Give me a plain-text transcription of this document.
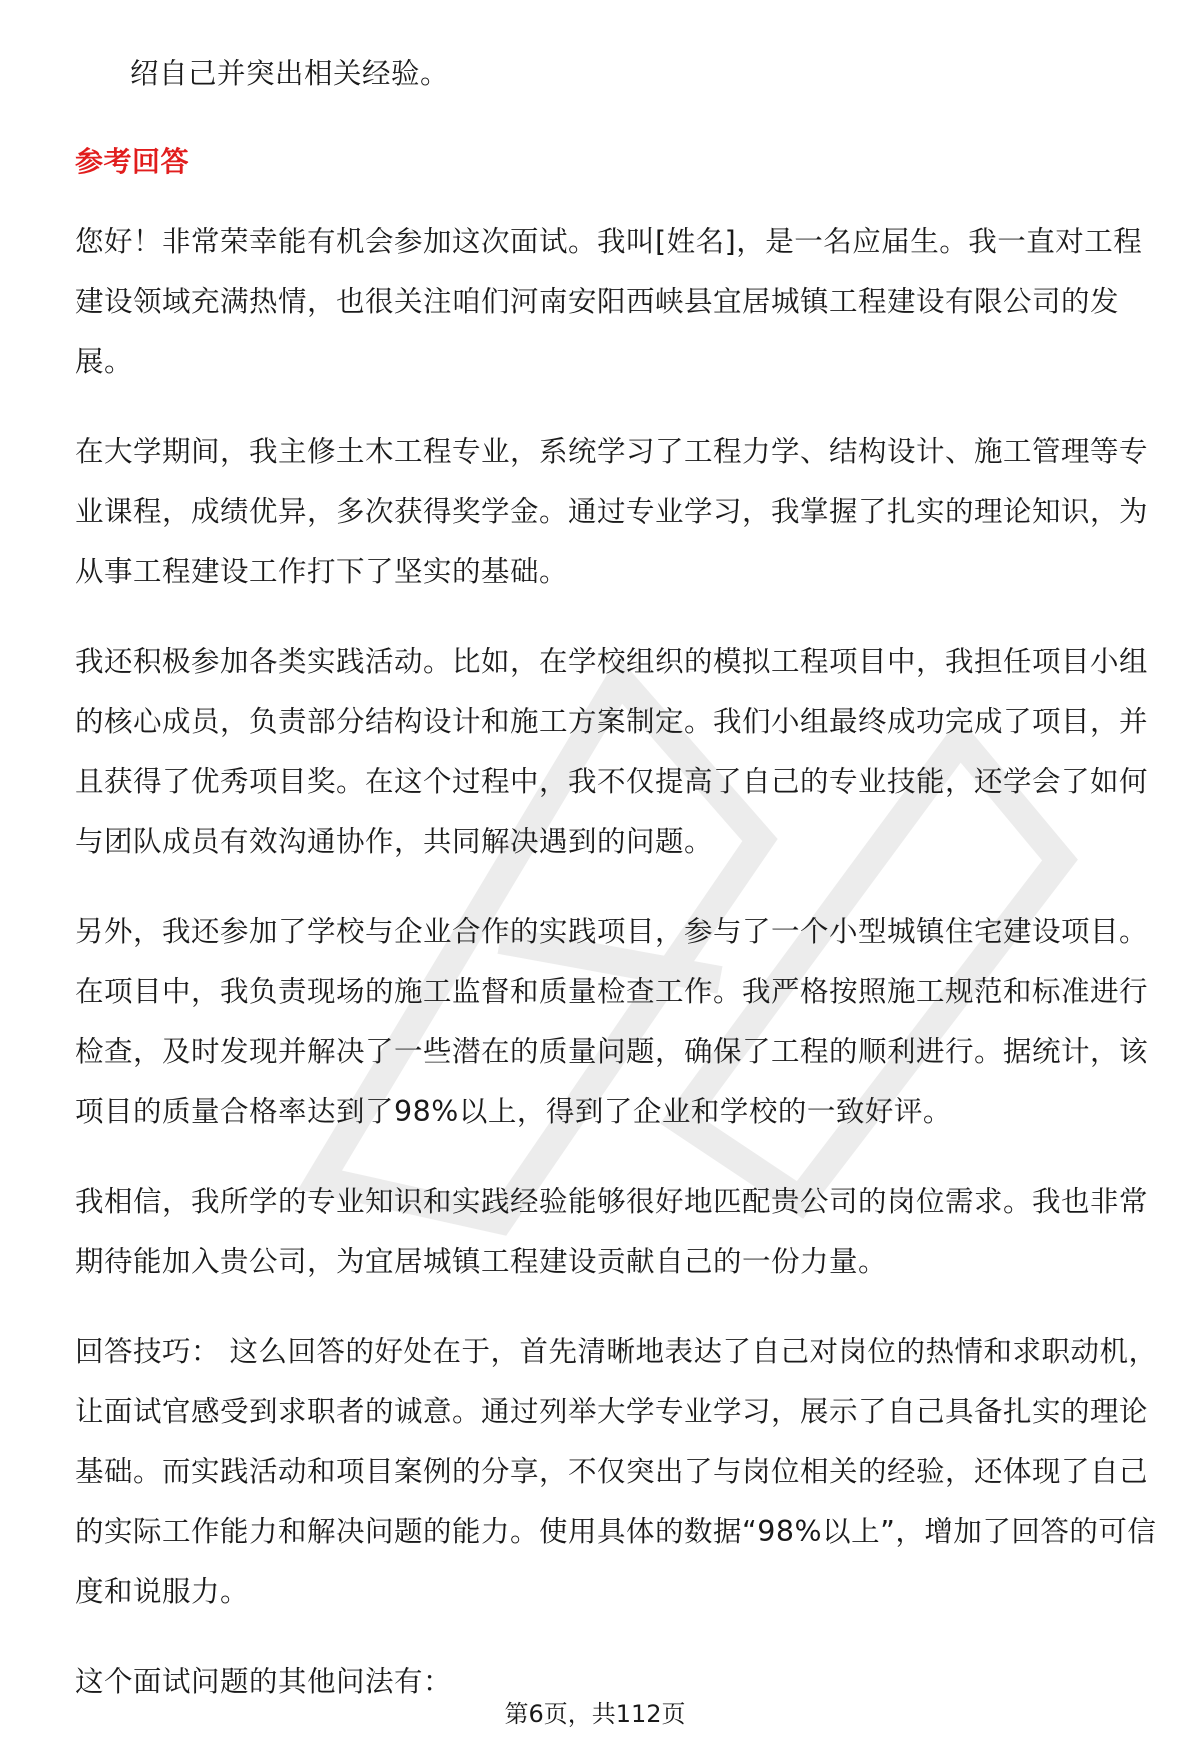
绍自己并突出相关经验。

参考回答

您好！非常荣幸能有机会参加这次面试。我叫[姓名]，是一名应届生。我一直对工程建设领域充满热情，也很关注咱们河南安阳西峡县宜居城镇工程建设有限公司的发展。

在大学期间，我主修土木工程专业，系统学习了工程力学、结构设计、施工管理等专业课程，成绩优异，多次获得奖学金。通过专业学习，我掌握了扎实的理论知识，为从事工程建设工作打下了坚实的基础。

我还积极参加各类实践活动。比如，在学校组织的模拟工程项目中，我担任项目小组的核心成员，负责部分结构设计和施工方案制定。我们小组最终成功完成了项目，并且获得了优秀项目奖。在这个过程中，我不仅提高了自己的专业技能，还学会了如何与团队成员有效沟通协作，共同解决遇到的问题。

另外，我还参加了学校与企业合作的实践项目，参与了一个小型城镇住宅建设项目。在项目中，我负责现场的施工监督和质量检查工作。我严格按照施工规范和标准进行检查，及时发现并解决了一些潜在的质量问题，确保了工程的顺利进行。据统计，该项目的质量合格率达到了98%以上，得到了企业和学校的一致好评。

我相信，我所学的专业知识和实践经验能够很好地匹配贵公司的岗位需求。我也非常期待能加入贵公司，为宜居城镇工程建设贡献自己的一份力量。

回答技巧： 这么回答的好处在于，首先清晰地表达了自己对岗位的热情和求职动机，让面试官感受到求职者的诚意。通过列举大学专业学习，展示了自己具备扎实的理论基础。而实践活动和项目案例的分享，不仅突出了与岗位相关的经验，还体现了自己的实际工作能力和解决问题的能力。使用具体的数据“98%以上”，增加了回答的可信度和说服力。

这个面试问题的其他问法有：

第6页，共112页
